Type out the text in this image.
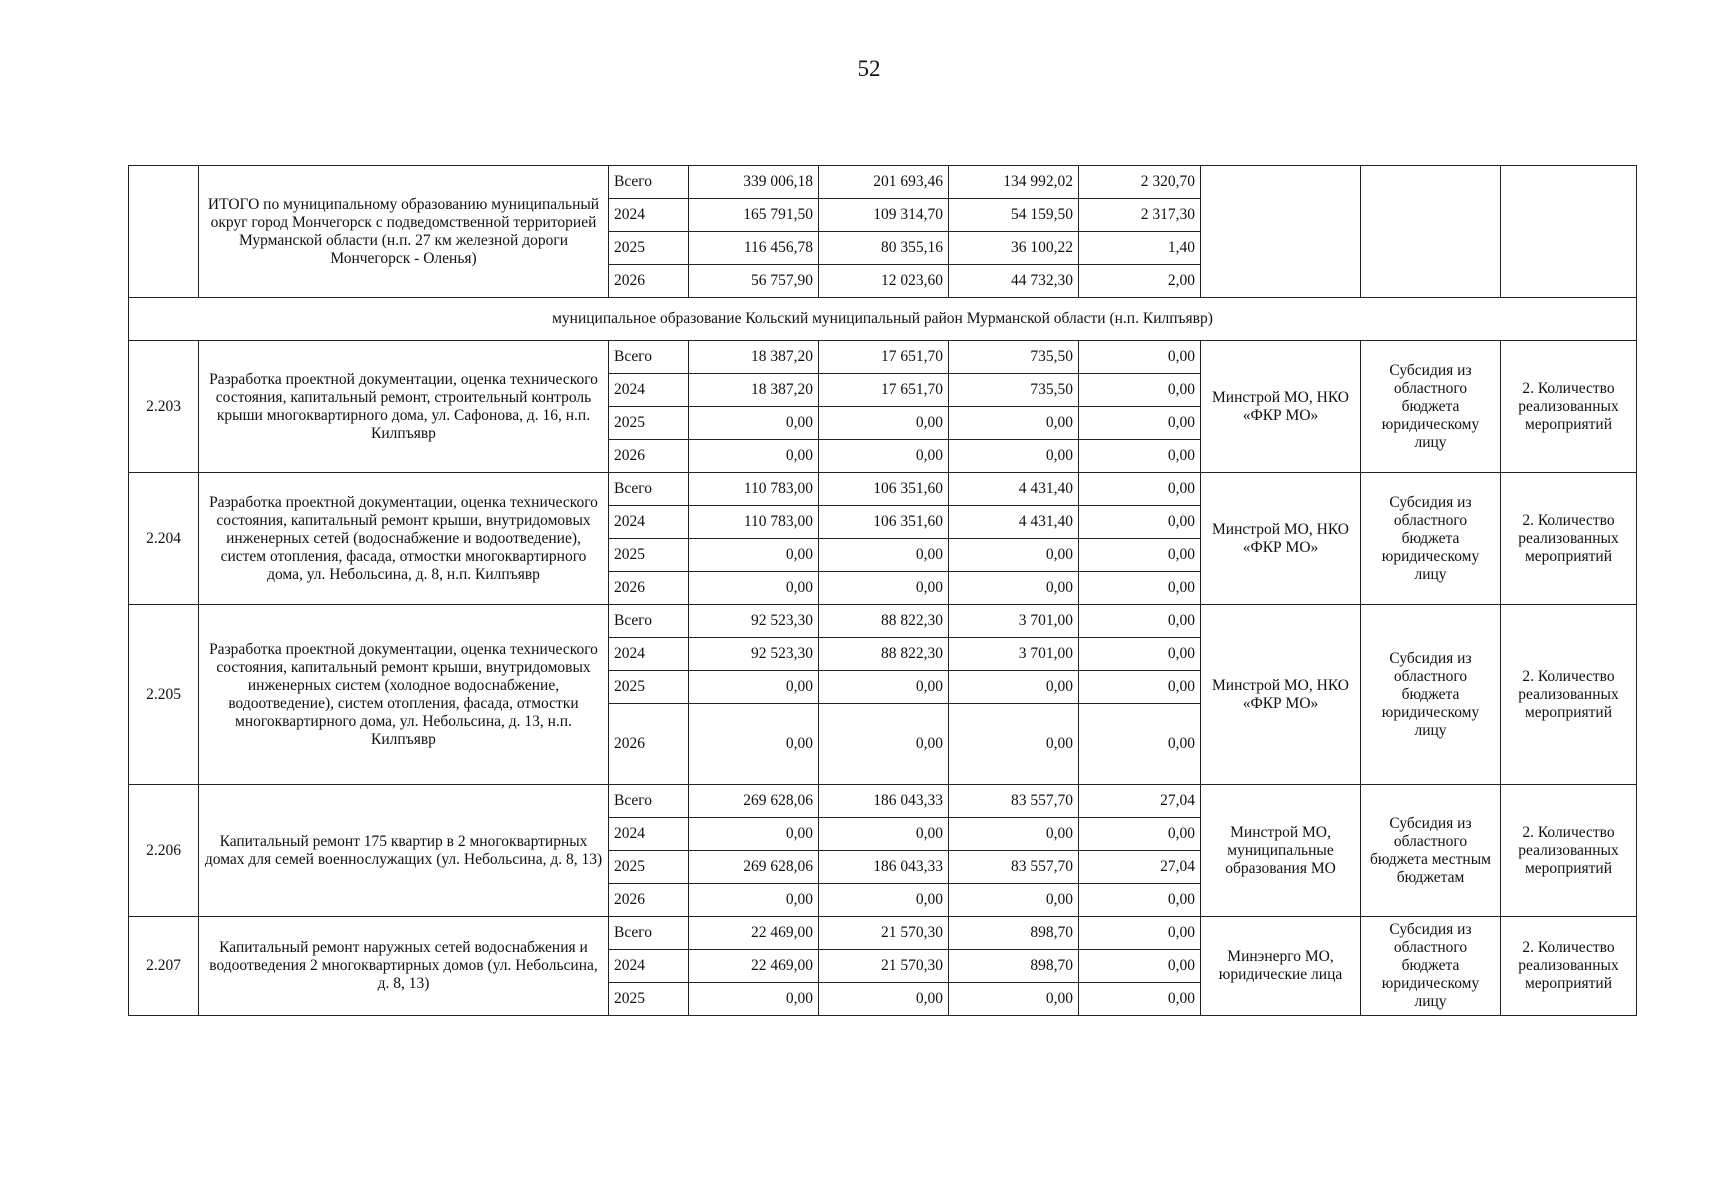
52
	ИТОГО по муниципальному образованию муниципальный округ город Мончегорск с подведомственной территорией Мурманской области (н.п. 27 км железной дороги Мончегорск - Оленья)	Всего	339 006,18	201 693,46	134 992,02	2 320,70			
		2024	165 791,50	109 314,70	54 159,50	2 317,30			
		2025	116 456,78	80 355,16	36 100,22	1,40			
		2026	56 757,90	12 023,60	44 732,30	2,00			
муниципальное образование Кольский муниципальный район Мурманской области (н.п. Килпъявр)									
2.203	Разработка проектной документации, оценка технического состояния, капитальный ремонт, строительный контроль крыши многоквартирного дома, ул. Сафонова, д. 16, н.п. Килпъявр	Всего	18 387,20	17 651,70	735,50	0,00	Минстрой МО, НКО «ФКР МО»	Субсидия из областного бюджета юридическому лицу	2. Количество реализованных мероприятий
		2024	18 387,20	17 651,70	735,50	0,00			
		2025	0,00	0,00	0,00	0,00			
		2026	0,00	0,00	0,00	0,00			
2.204	Разработка проектной документации, оценка технического состояния, капитальный ремонт крыши, внутридомовых инженерных сетей (водоснабжение и водоотведение), систем отопления, фасада, отмостки многоквартирного дома, ул. Небольсина, д. 8, н.п. Килпъявр	Всего	110 783,00	106 351,60	4 431,40	0,00	Минстрой МО, НКО «ФКР МО»	Субсидия из областного бюджета юридическому лицу	2. Количество реализованных мероприятий
		2024	110 783,00	106 351,60	4 431,40	0,00			
		2025	0,00	0,00	0,00	0,00			
		2026	0,00	0,00	0,00	0,00			
2.205	Разработка проектной документации, оценка технического состояния, капитальный ремонт крыши, внутридомовых инженерных систем (холодное водоснабжение, водоотведение), систем отопления, фасада, отмостки многоквартирного дома, ул. Небольсина, д. 13, н.п. Килпъявр	Всего	92 523,30	88 822,30	3 701,00	0,00	Минстрой МО, НКО «ФКР МО»	Субсидия из областного бюджета юридическому лицу	2. Количество реализованных мероприятий
		2024	92 523,30	88 822,30	3 701,00	0,00			
		2025	0,00	0,00	0,00	0,00			
		2026	0,00	0,00	0,00	0,00			
2.206	Капитальный ремонт 175 квартир в 2 многоквартирных домах для семей военнослужащих (ул. Небольсина, д. 8, 13)	Всего	269 628,06	186 043,33	83 557,70	27,04	Минстрой МО, муниципальные образования МО	Субсидия из областного бюджета местным бюджетам	2. Количество реализованных мероприятий
		2024	0,00	0,00	0,00	0,00			
		2025	269 628,06	186 043,33	83 557,70	27,04			
		2026	0,00	0,00	0,00	0,00			
2.207	Капитальный ремонт наружных сетей водоснабжения и водоотведения 2 многоквартирных домов (ул. Небольсина, д. 8, 13)	Всего	22 469,00	21 570,30	898,70	0,00	Минэнерго МО, юридические лица	Субсидия из областного бюджета юридическому лицу	2. Количество реализованных мероприятий
		2024	22 469,00	21 570,30	898,70	0,00			
		2025	0,00	0,00	0,00	0,00			
